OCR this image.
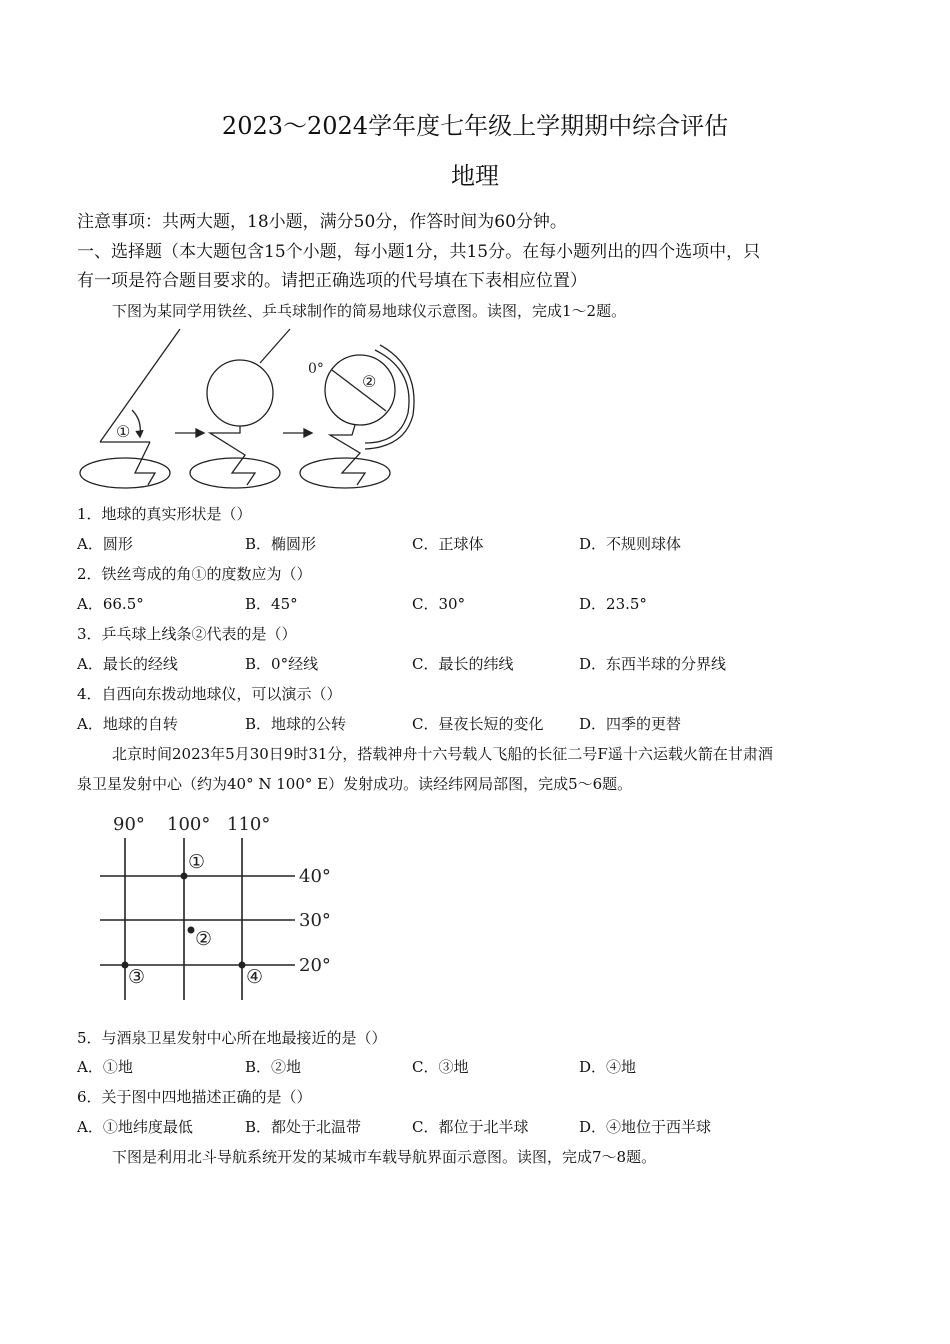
2023～2024学年度七年级上学期期中综合评估
地理
注意事项：共两大题，18小题，满分50分，作答时间为60分钟。
一、选择题（本大题包含15个小题，每小题1分，共15分。在每小题列出的四个选项中，只
有一项是符合题目要求的。请把正确选项的代号填在下表相应位置）
下图为某同学用铁丝、乒乓球制作的简易地球仪示意图。读图，完成1～2题。
①
0°
②
1．地球的真实形状是（）
A．圆形	B．椭圆形	C．正球体	D．不规则球体
2．铁丝弯成的角①的度数应为（）
A．66.5°	B．45°	C．30°	D．23.5°
3．乒乓球上线条②代表的是（）
A．最长的经线	B．0°经线	C．最长的纬线	D．东西半球的分界线
4．自西向东拨动地球仪，可以演示（）
A．地球的自转	B．地球的公转	C．昼夜长短的变化 D．四季的更替
北京时间2023年5月30日9时31分，搭载神舟十六号载人飞船的长征二号F遥十六运载火箭在甘肃酒
泉卫星发射中心（约为40° N 100° E）发射成功。读经纬网局部图，完成5～6题。
90° 100° 110°
40°
30°
20°
①
②
③	④
5．与酒泉卫星发射中心所在地最接近的是（）
A．①地	B．②地	C．③地	D．④地
6．关于图中四地描述正确的是（）
A．①地纬度最低	B．都处于北温带	C．都位于北半球	D．④地位于西半球
下图是利用北斗导航系统开发的某城市车载导航界面示意图。读图，完成7～8题。
